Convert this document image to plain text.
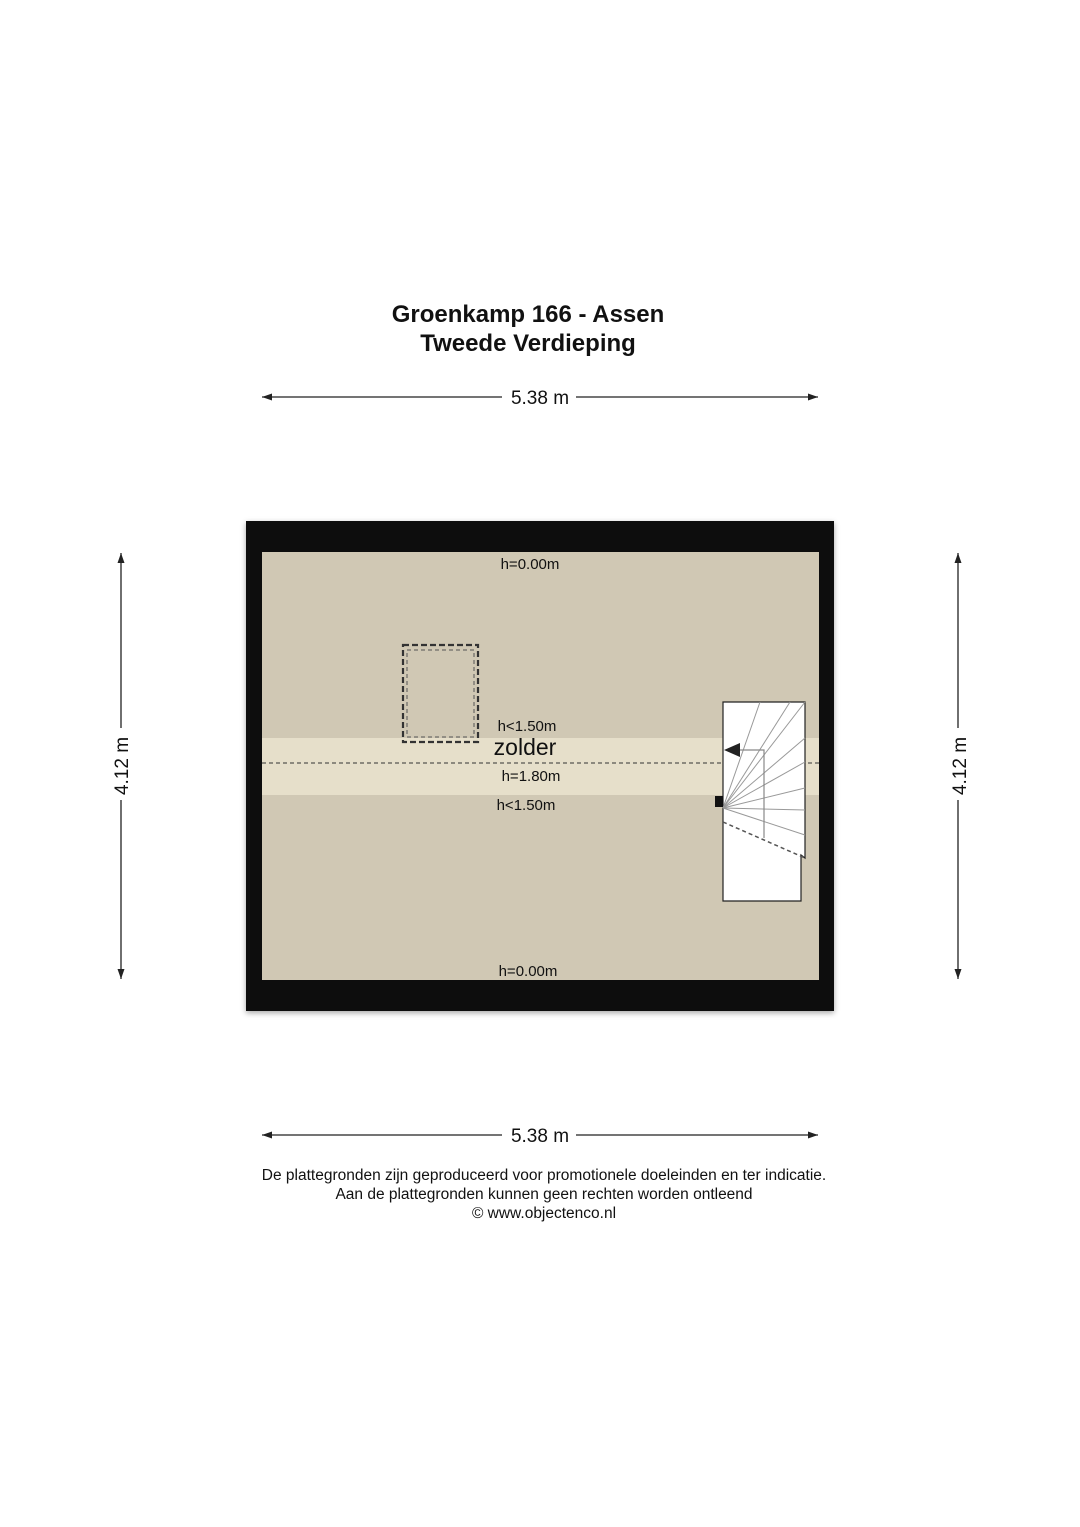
Groenkamp 166 - Assen
Tweede Verdieping
5.38 m
5.38 m
4.12 m	4.12 m
h=0.00m
h<1.50m
zolder
h=1.80m
h<1.50m
h=0.00m
De plattegronden zijn geproduceerd voor promotionele doeleinden en ter indicatie.
Aan de plattegronden kunnen geen rechten worden ontleend
© www.objectenco.nl
